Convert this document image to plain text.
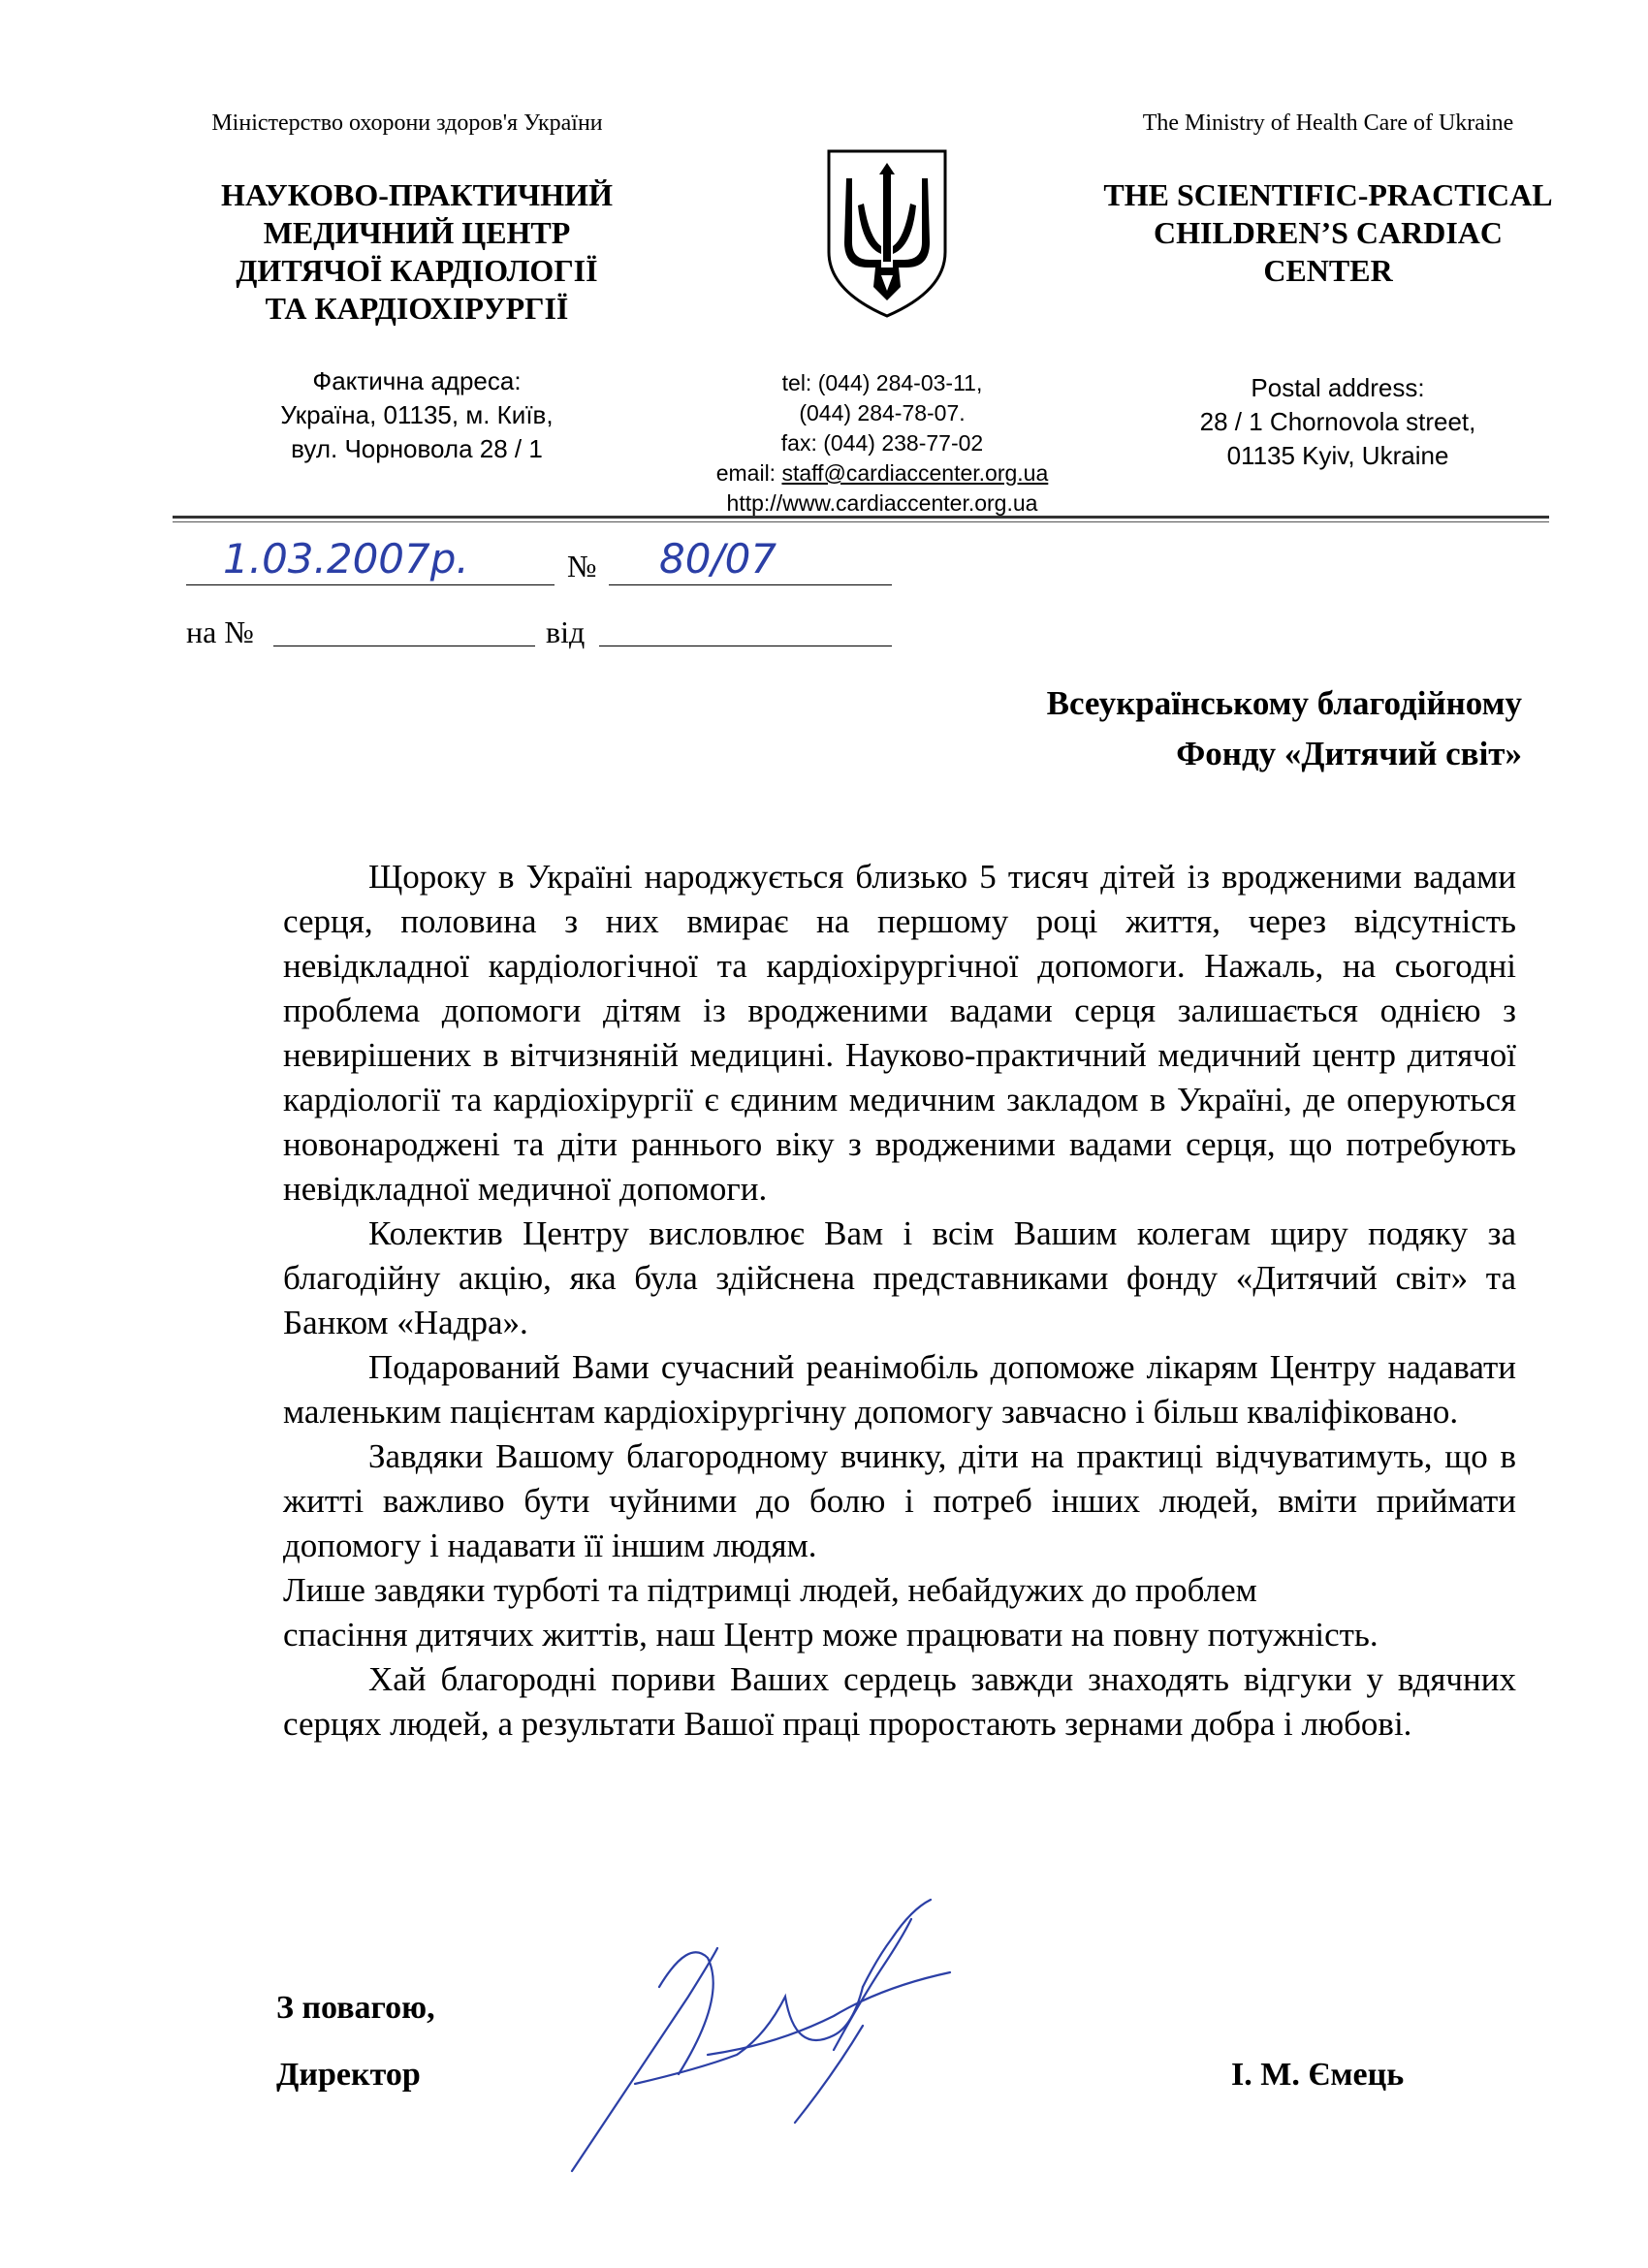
Міністерство охорони здоров'я України	The Ministry of Health Care of Ukraine
НАУКОВО-ПРАКТИЧНИЙ
МЕДИЧНИЙ ЦЕНТР
ДИТЯЧОЇ КАРДІОЛОГІЇ
ТА КАРДІОХІРУРГІЇ
THE SCIENTIFIC-PRACTICAL
CHILDREN’S CARDIAC
CENTER
Фактична адреса:
Україна, 01135, м. Київ,
вул. Чорновола 28 / 1
tel: (044) 284-03-11,
(044) 284-78-07.
fax: (044) 238-77-02
email: staff@cardiaccenter.org.ua
http://www.cardiaccenter.org.ua
Postal address:
28 / 1 Chornovola street,
01135 Kyiv, Ukraine
1.03.2007р.	№ 80/07
на №	від
Всеукраїнському благодійному
Фонду «Дитячий світ»

Щороку в Україні народжується близько 5 тисяч дітей із вродженими вадами серця, половина з них вмирає на першому році життя, через відсутність невідкладної кардіологічної та кардіохірургічної допомоги. Нажаль, на сьогодні проблема допомоги дітям із вродженими вадами серця залишається однією з невирішених в вітчизняній медицині. Науково-практичний медичний центр дитячої кардіології та кардіохірургії є єдиним медичним закладом в Україні, де оперуються новонароджені та діти раннього віку з вродженими вадами серця, що потребують невідкладної медичної допомоги.

Колектив Центру висловлює Вам і всім Вашим колегам щиру подяку за благодійну акцію, яка була здійснена представниками фонду «Дитячий світ» та Банком «Надра».

Подарований Вами сучасний реанімобіль допоможе лікарям Центру надавати маленьким пацієнтам кардіохірургічну допомогу завчасно і більш кваліфіковано.

Завдяки Вашому благородному вчинку, діти на практиці відчуватимуть, що в житті важливо бути чуйними до болю і потреб інших людей, вміти приймати допомогу і надавати її іншим людям.

Лише завдяки турботі та підтримці людей, небайдужих до проблем

спасіння дитячих життів, наш Центр може працювати на повну потужність.

Хай благородні пориви Ваших сердець завжди знаходять відгуки у вдячних серцях людей, а результати Вашої праці проростають зернами добра і любові.

З повагою,
Директор	І. М. Ємець
